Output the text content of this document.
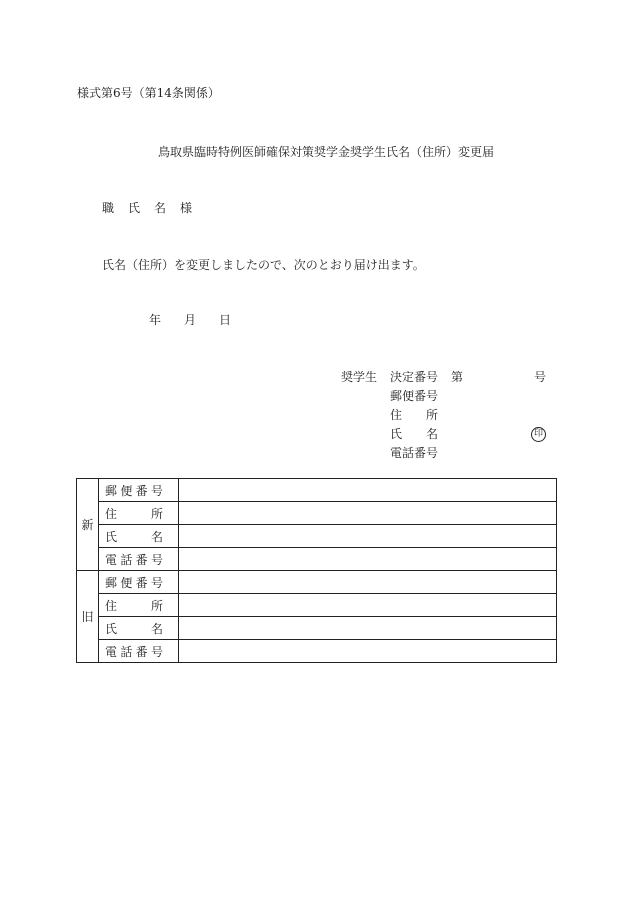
様式第6号（第14条関係）
鳥取県臨時特例医師確保対策奨学金奨学生氏名（住所）変更届
職 氏 名 様
氏名（住所）を変更しましたので、次のとおり届け出ます。
年 月 日
奨学生 決定番号 第	号
郵便番号
住 所
氏 名	印
電話番号
新	郵 便 番 号	

	住 所	

	氏 名	

	電 話 番 号	

旧	郵 便 番 号	

	住 所	

	氏 名	

	電 話 番 号	
